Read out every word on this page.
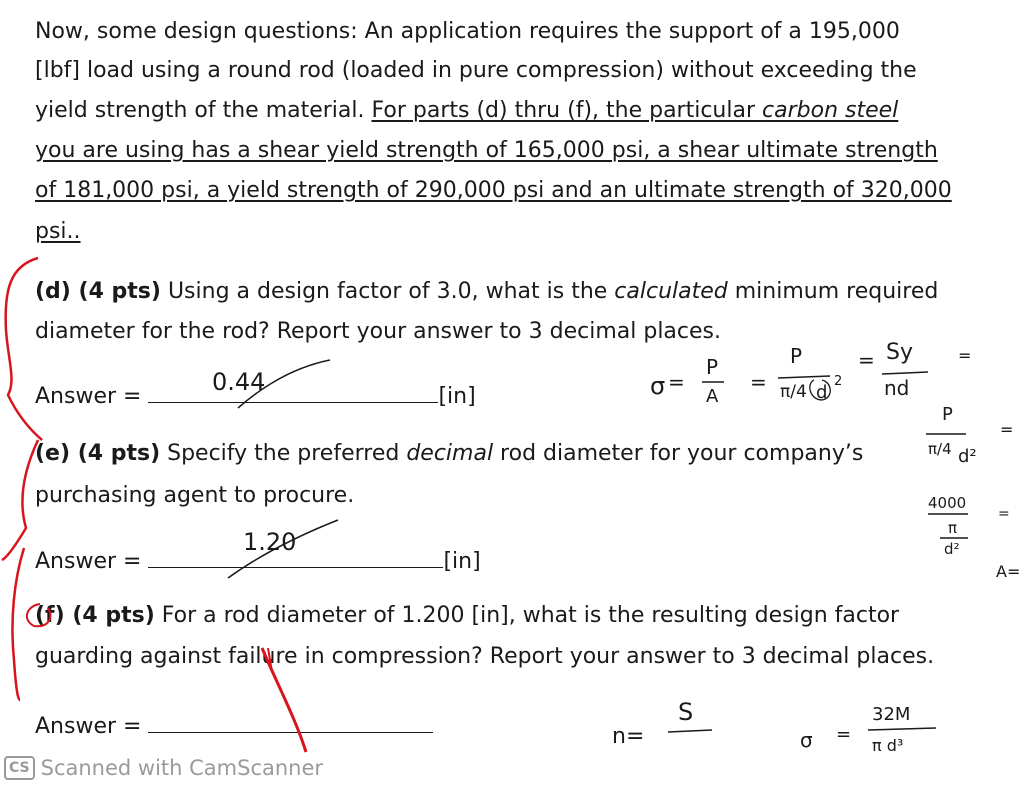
Now, some design questions: An application requires the support of a 195,000
[lbf] load using a round rod (loaded in pure compression) without exceeding the
yield strength of the material. For parts (d) thru (f), the particular carbon steel
you are using has a shear yield strength of 165,000 psi, a shear ultimate strength
of 181,000 psi, a yield strength of 290,000 psi and an ultimate strength of 320,000
psi..
(d) (4 pts) Using a design factor of 3.0, what is the calculated minimum required
diameter for the rod? Report your answer to 3 decimal places.
Answer =	[in]
0.44
(e) (4 pts) Specify the preferred decimal rod diameter for your company’s
purchasing agent to procure.
Answer =	[in]
1.20
(f) (4 pts) For a rod diameter of 1.200 [in], what is the resulting design factor
guarding against failure in compression? Report your answer to 3 decimal places.
Answer =
σ =
P
A
=
P
π/4 d
2
= Sy
nd
=
P
π/4 d²
=
4000
π
d²
=
A=
n=
S
σ =
32M
π d³
CS Scanned with CamScanner
